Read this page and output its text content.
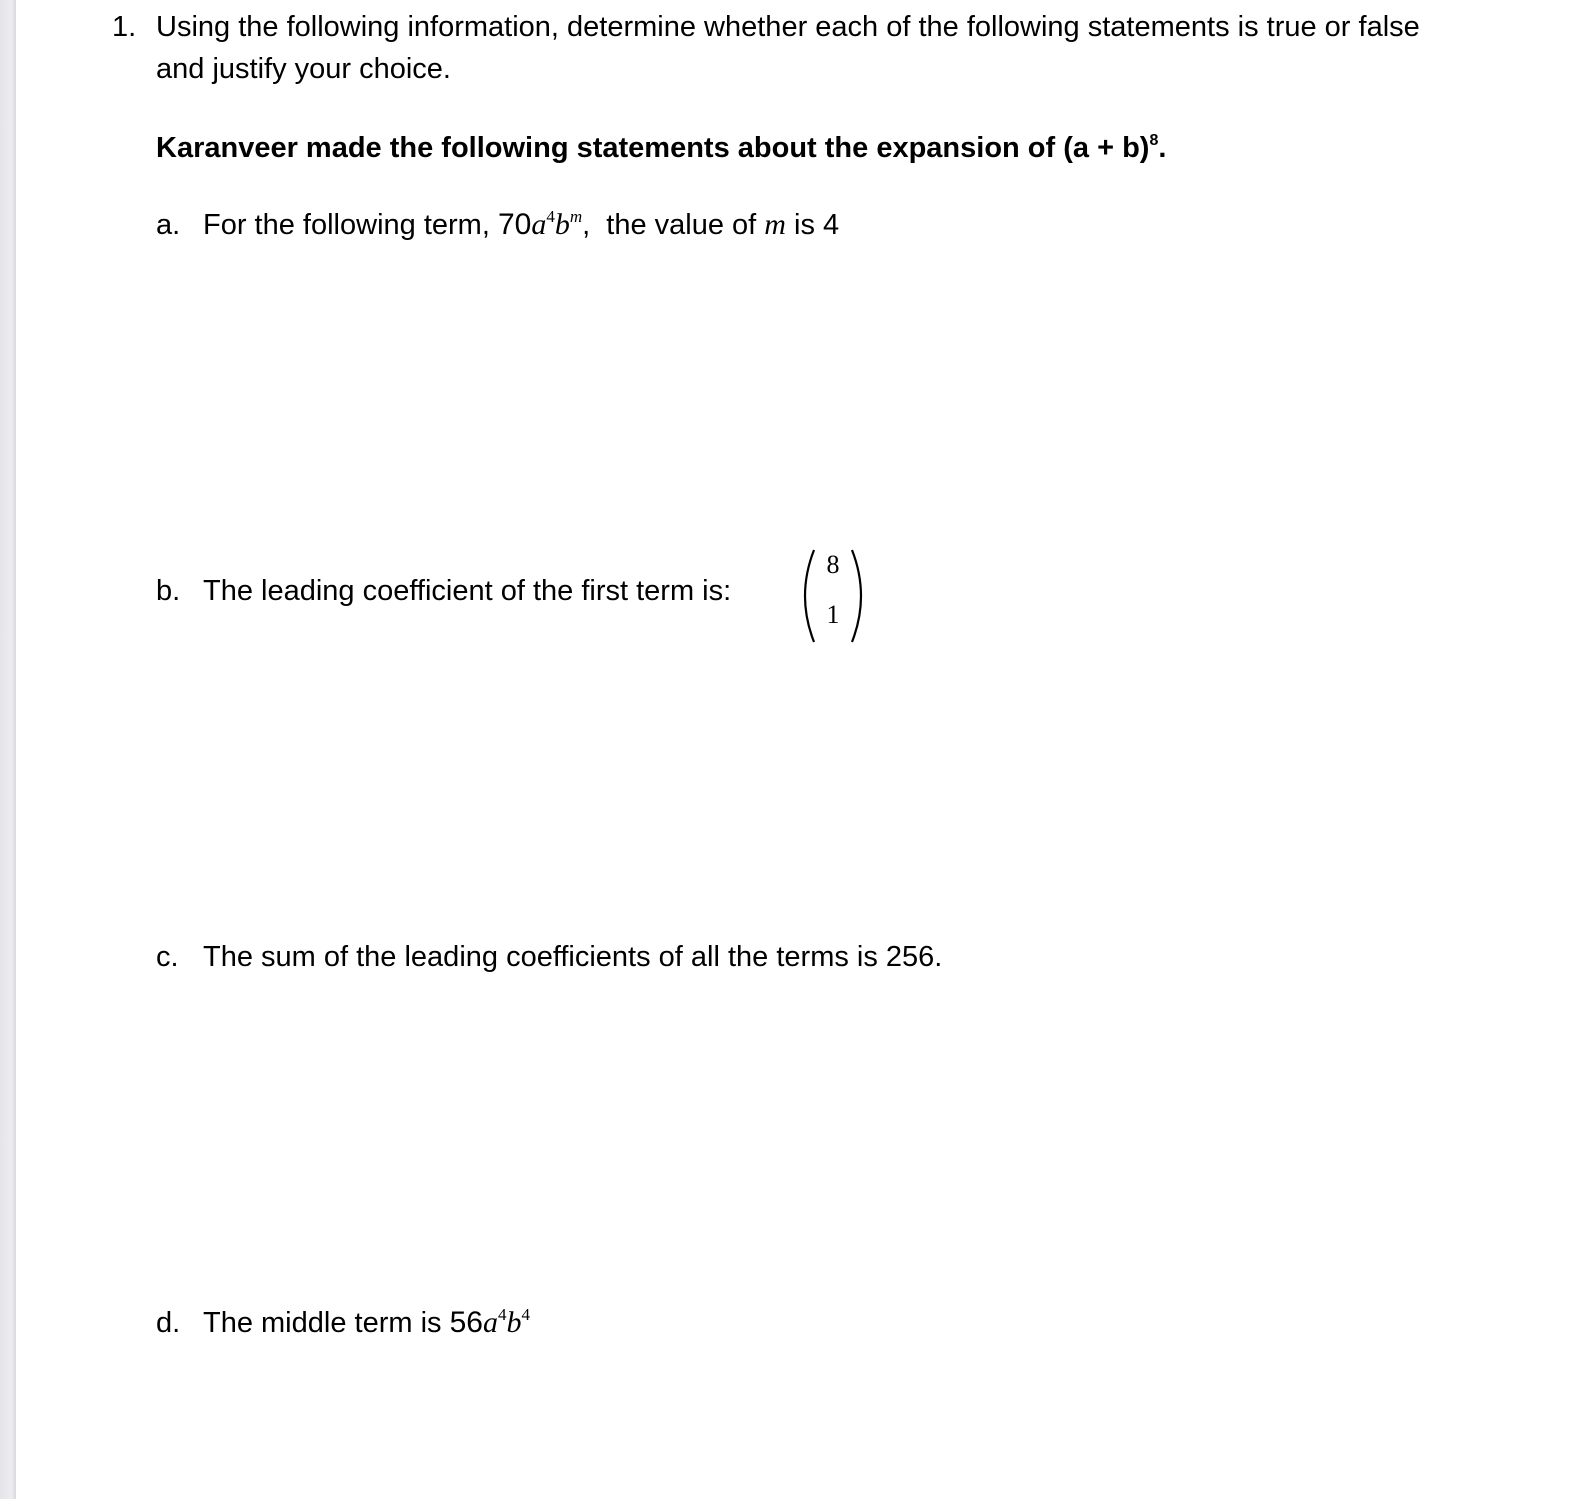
1. Using the following information, determine whether each of the following statements is true or false and justify your choice.
Karanveer made the following statements about the expansion of $(a + b)^8$.
a. For the following term, $70a^4b^m$,  the value of m is 4
b. The leading coefficient of the first term is:
8
1
c. The sum of the leading coefficients of all the terms is 256.
d. The middle term is $56a^4b^4$
